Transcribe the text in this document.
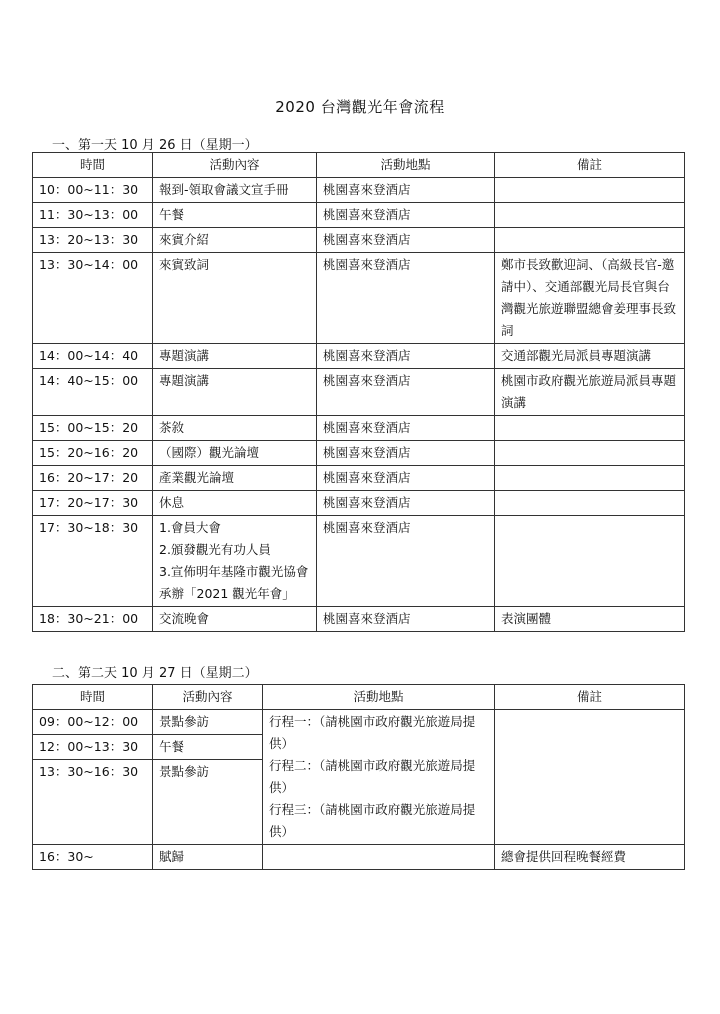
2020 台灣觀光年會流程
一、第一天 10 月 26 日（星期一）
時間	活動內容	活動地點	備註
10：00~11：30	報到-領取會議文宣手冊	桃園喜來登酒店	
11：30~13：00	午餐	桃園喜來登酒店	
13：20~13：30	來賓介紹	桃園喜來登酒店	
13：30~14：00	來賓致詞	桃園喜來登酒店	鄭市長致歡迎詞、（高級長官-邀請中）、交通部觀光局長官與台灣觀光旅遊聯盟總會姜理事長致詞
14：00~14：40	專題演講	桃園喜來登酒店	交通部觀光局派員專題演講
14：40~15：00	專題演講	桃園喜來登酒店	桃園市政府觀光旅遊局派員專題演講
15：00~15：20	茶敘	桃園喜來登酒店	
15：20~16：20	（國際）觀光論壇	桃園喜來登酒店	
16：20~17：20	產業觀光論壇	桃園喜來登酒店	
17：20~17：30	休息	桃園喜來登酒店	
17：30~18：30	1.會員大會
2.頒發觀光有功人員
3.宣佈明年基隆市觀光協會承辦「2021 觀光年會」	桃園喜來登酒店	
18：30~21：00	交流晚會	桃園喜來登酒店	表演團體
二、第二天 10 月 27 日（星期二）
時間	活動內容	活動地點	備註
09：00~12：00	景點參訪	行程一：（請桃園市政府觀光旅遊局提供）
行程二：（請桃園市政府觀光旅遊局提供）
行程三：（請桃園市政府觀光旅遊局提供）	

12：00~13：30	午餐		
13：30~16：30	景點參訪		
16：30~	賦歸		總會提供回程晚餐經費
